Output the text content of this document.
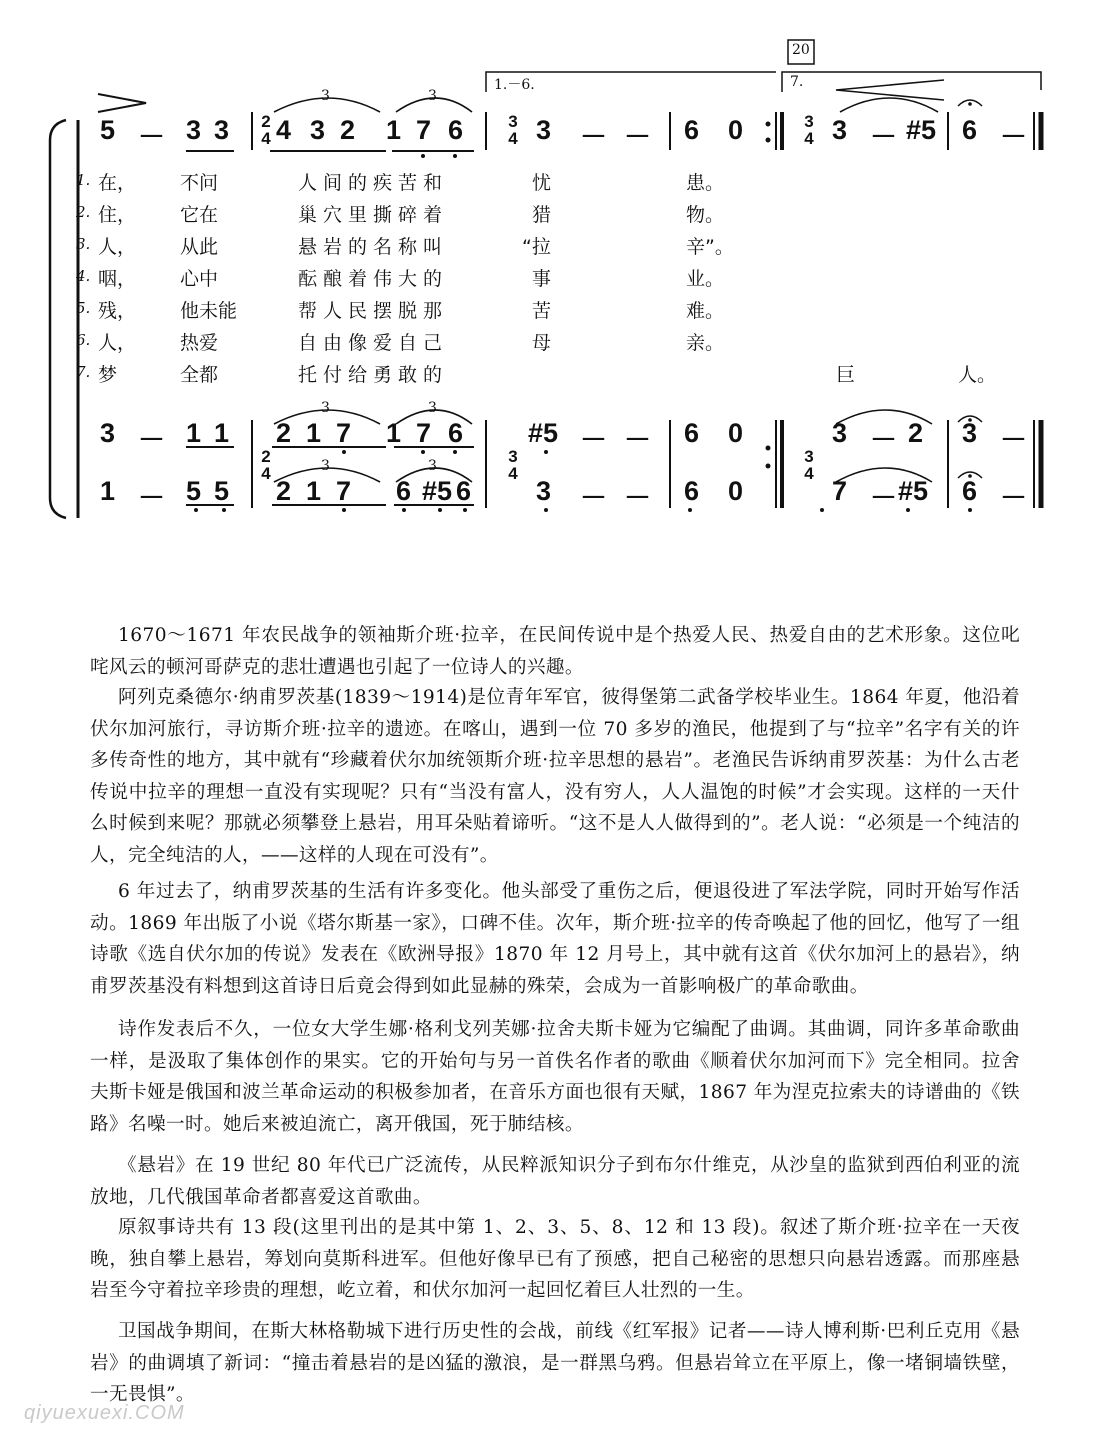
20
1.－6.	7.
3	3
3	3
3	3
2
4
3
4
3
4
2
4
3
4
3
4
5 － 3 3 4 3 2 1 7 6	3 － － 6 0	3 － #5 6 －
1. 在， 不问	人间的疾苦和	忧	患。
2. 住， 它在	巢穴里撕碎着	猎	物。
3. 人， 从此	悬岩的名称叫	“拉	辛”。
4. 咽， 心中	酝酿着伟大的	事	业。
5. 残， 他未能	帮人民摆脱那	苦	难。
6. 人， 热爱	自由像爱自己	母	亲。
7. 梦	全都	托付给勇敢的	巨	人。
3 － 1 1 2 1 7 1 7 6 #5 － － 6 0	3 － 2 3 －
1 － 5 5 2 1 7 6 #5 6 3 － － 6 0	7 － #5 6 －

1670～1671 年农民战争的领袖斯介班·拉辛，在民间传说中是个热爱人民、热爱自由的艺术形象。这位叱咤风云的顿河哥萨克的悲壮遭遇也引起了一位诗人的兴趣。

阿列克桑德尔·纳甫罗茨基(1839～1914)是位青年军官，彼得堡第二武备学校毕业生。1864 年夏，他沿着伏尔加河旅行，寻访斯介班·拉辛的遗迹。在喀山，遇到一位 70 多岁的渔民，他提到了与“拉辛”名字有关的许多传奇性的地方，其中就有“珍藏着伏尔加统领斯介班·拉辛思想的悬岩”。老渔民告诉纳甫罗茨基：为什么古老传说中拉辛的理想一直没有实现呢？只有“当没有富人，没有穷人，人人温饱的时候”才会实现。这样的一天什么时候到来呢？那就必须攀登上悬岩，用耳朵贴着谛听。“这不是人人做得到的”。老人说：“必须是一个纯洁的人，完全纯洁的人，——这样的人现在可没有”。

6 年过去了，纳甫罗茨基的生活有许多变化。他头部受了重伤之后，便退役进了军法学院，同时开始写作活动。1869 年出版了小说《塔尔斯基一家》，口碑不佳。次年，斯介班·拉辛的传奇唤起了他的回忆，他写了一组诗歌《选自伏尔加的传说》发表在《欧洲导报》1870 年 12 月号上，其中就有这首《伏尔加河上的悬岩》，纳甫罗茨基没有料想到这首诗日后竟会得到如此显赫的殊荣，会成为一首影响极广的革命歌曲。

诗作发表后不久，一位女大学生娜·格利戈列芙娜·拉舍夫斯卡娅为它编配了曲调。其曲调，同许多革命歌曲一样，是汲取了集体创作的果实。它的开始句与另一首佚名作者的歌曲《顺着伏尔加河而下》完全相同。拉舍夫斯卡娅是俄国和波兰革命运动的积极参加者，在音乐方面也很有天赋，1867 年为涅克拉索夫的诗谱曲的《铁路》名噪一时。她后来被迫流亡，离开俄国，死于肺结核。

《悬岩》在 19 世纪 80 年代已广泛流传，从民粹派知识分子到布尔什维克，从沙皇的监狱到西伯利亚的流放地，几代俄国革命者都喜爱这首歌曲。

原叙事诗共有 13 段(这里刊出的是其中第 1、2、3、5、8、12 和 13 段)。叙述了斯介班·拉辛在一天夜晚，独自攀上悬岩，筹划向莫斯科进军。但他好像早已有了预感，把自己秘密的思想只向悬岩透露。而那座悬岩至今守着拉辛珍贵的理想，屹立着，和伏尔加河一起回忆着巨人壮烈的一生。

卫国战争期间，在斯大林格勒城下进行历史性的会战，前线《红军报》记者——诗人博利斯·巴利丘克用《悬岩》的曲调填了新词：“撞击着悬岩的是凶猛的激浪，是一群黑乌鸦。但悬岩耸立在平原上，像一堵铜墙铁壁，一无畏惧”。

qiyuexuexi.COM
